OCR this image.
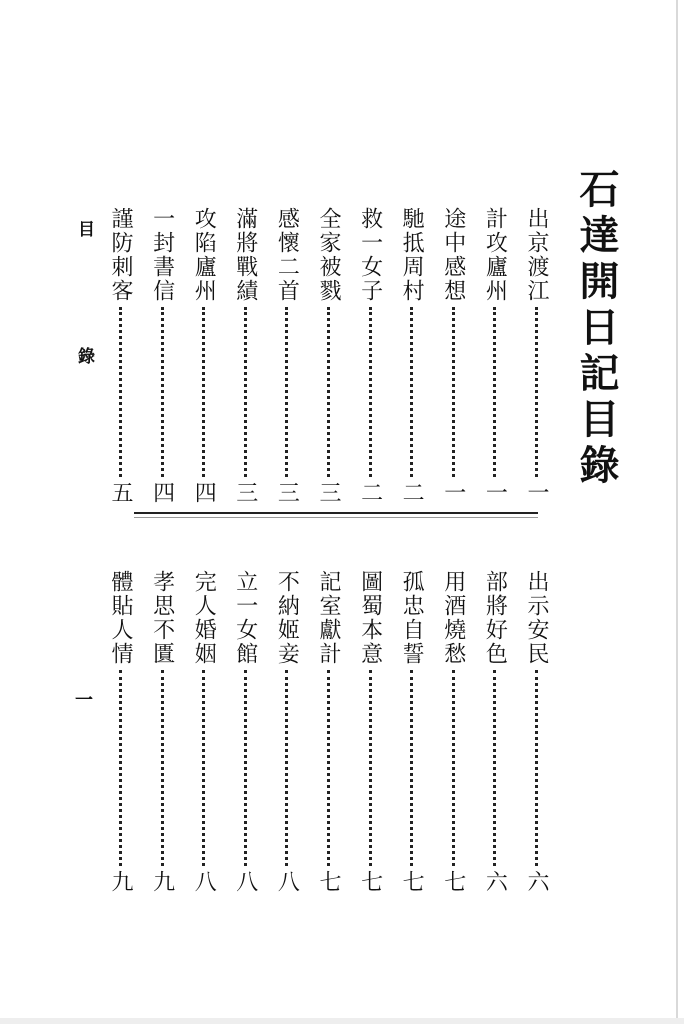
石達開日記目錄
目 錄
一
出京渡江
一
計攻廬州
一
途中感想
一
馳抵周村
二
救一女子
二
全家被戮
三
感懷二首
三
滿將戰績
三
攻陷廬州
四
一封書信
四
謹防刺客
五
出示安民
六
部將好色
六
用酒燒愁
七
孤忠自誓
七
圖蜀本意
七
記室獻計
七
不納姬妾
八
立一女館
八
完人婚姻
八
孝思不匱
九
體貼人情
九
